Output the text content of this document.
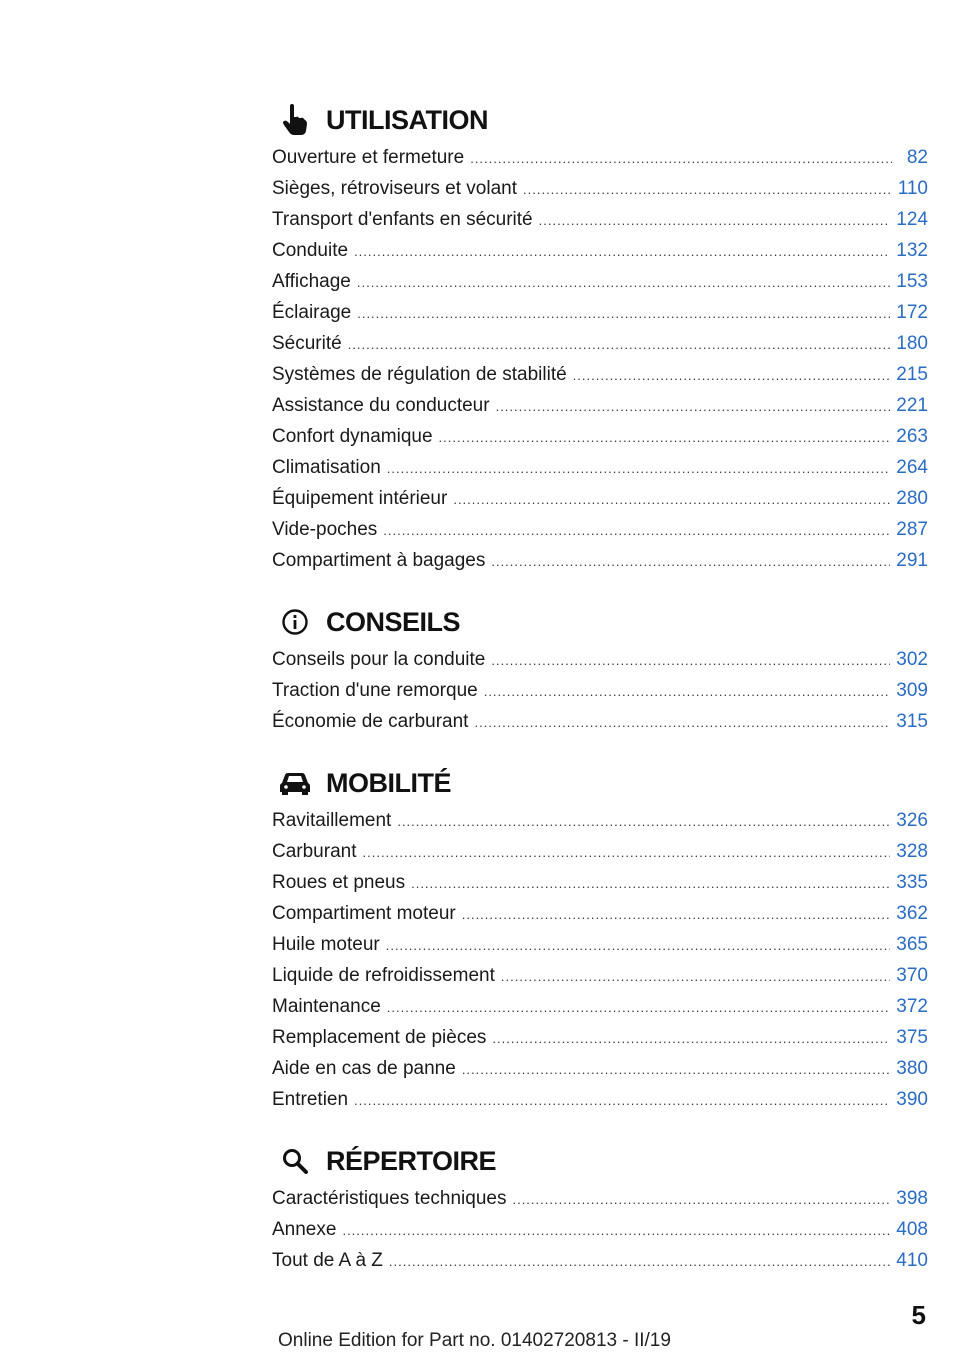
UTILISATION
Ouverture et fermeture .....	82
Sièges, rétroviseurs et volant .....	110
Transport d'enfants en sécurité .....	124
Conduite .....	132
Affichage .....	153
Éclairage .....	172
Sécurité .....	180
Systèmes de régulation de stabilité .....	215
Assistance du conducteur .....	221
Confort dynamique .....	263
Climatisation .....	264
Équipement intérieur .....	280
Vide-poches .....	287
Compartiment à bagages .....	291
CONSEILS
Conseils pour la conduite .....	302
Traction d'une remorque .....	309
Économie de carburant .....	315
MOBILITÉ
Ravitaillement .....	326
Carburant .....	328
Roues et pneus .....	335
Compartiment moteur .....	362
Huile moteur .....	365
Liquide de refroidissement .....	370
Maintenance .....	372
Remplacement de pièces .....	375
Aide en cas de panne .....	380
Entretien .....	390
RÉPERTOIRE
Caractéristiques techniques .....	398
Annexe .....	408
Tout de A à Z .....	410
5
Online Edition for Part no. 01402720813 - II/19
